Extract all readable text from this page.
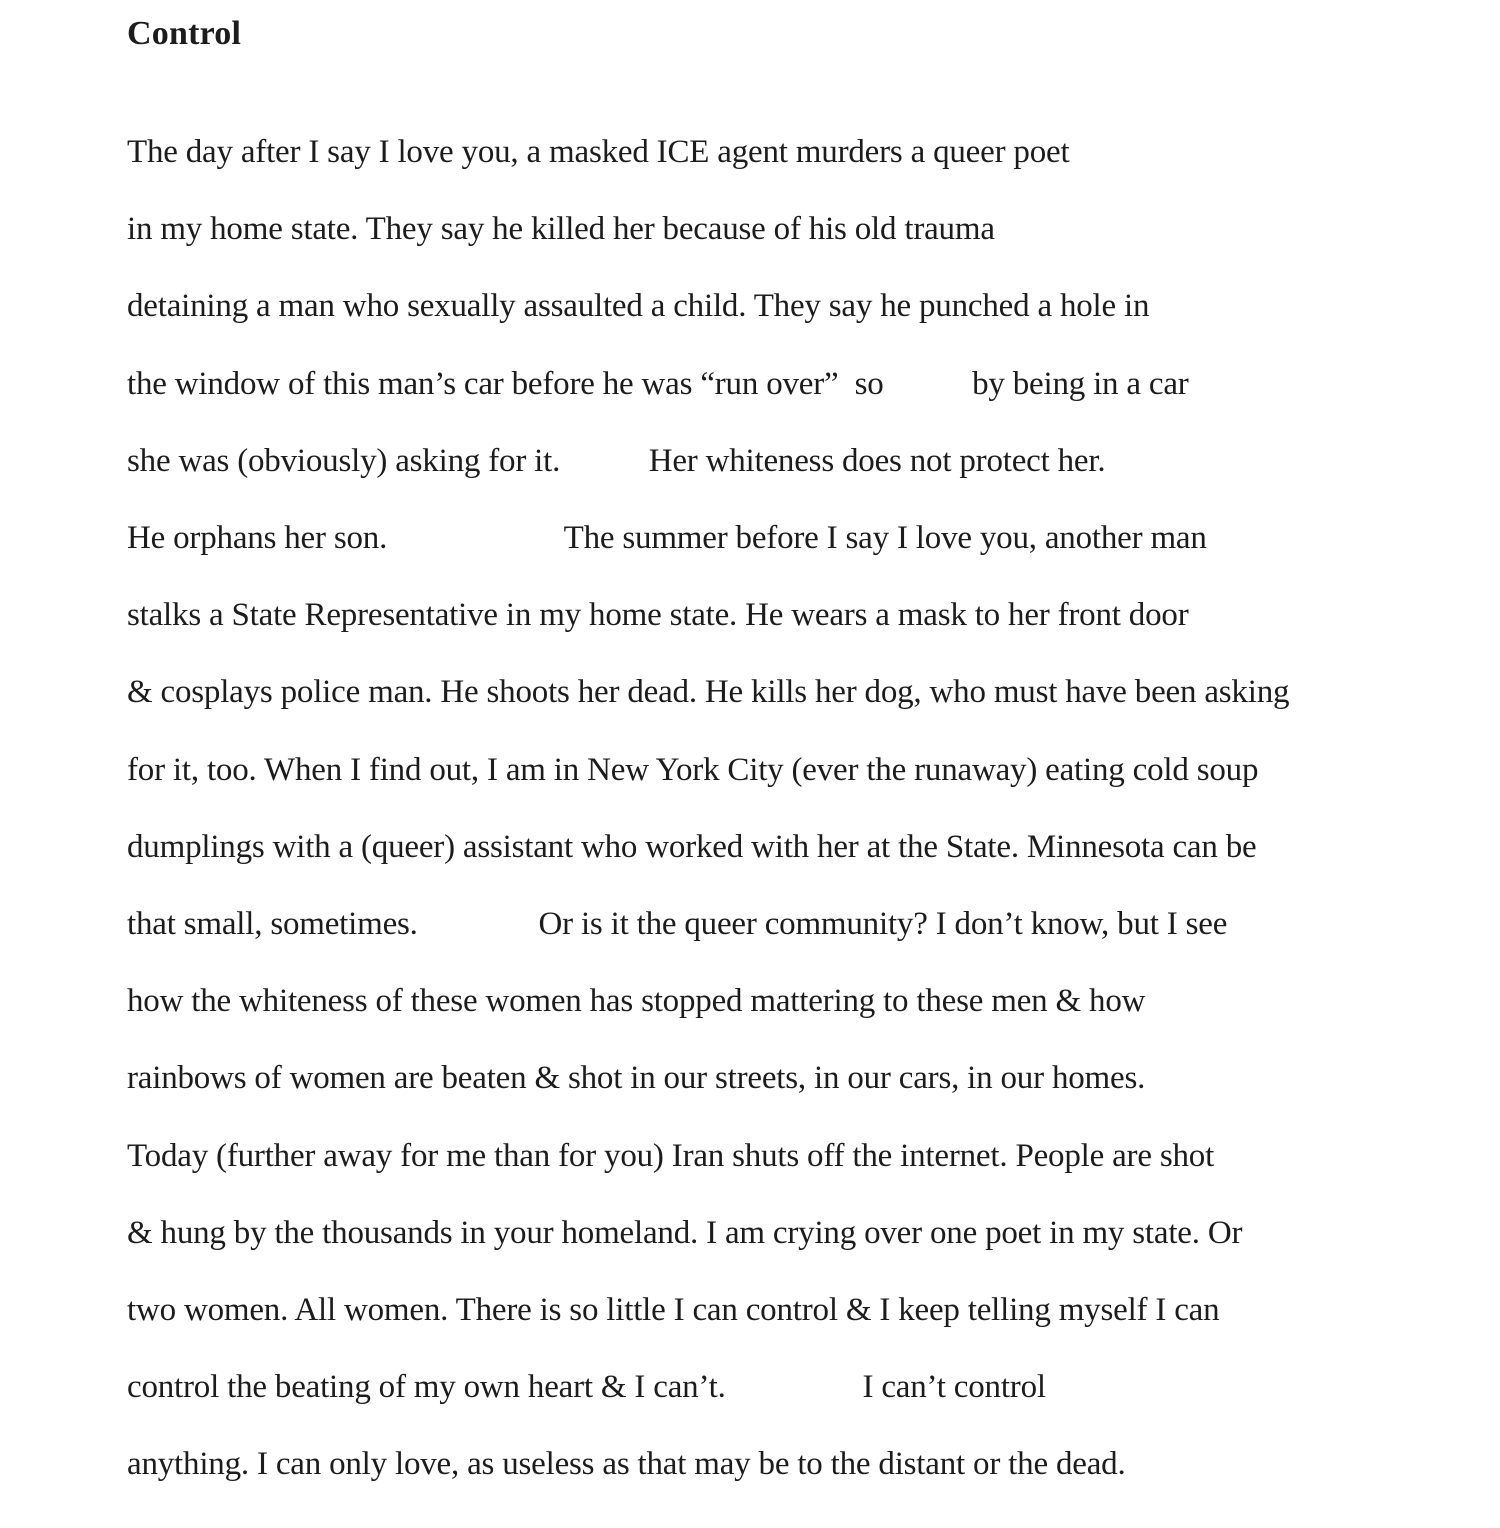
Control
The day after I say I love you, a masked ICE agent murders a queer poet
in my home state. They say he killed her because of his old trauma
detaining a man who sexually assaulted a child. They say he punched a hole in
the window of this man’s car before he was “run over”  so           by being in a car
she was (obviously) asking for it.           Her whiteness does not protect her.
He orphans her son.                      The summer before I say I love you, another man
stalks a State Representative in my home state. He wears a mask to her front door
& cosplays police man. He shoots her dead. He kills her dog, who must have been asking
for it, too. When I find out, I am in New York City (ever the runaway) eating cold soup
dumplings with a (queer) assistant who worked with her at the State. Minnesota can be
that small, sometimes.               Or is it the queer community? I don’t know, but I see
how the whiteness of these women has stopped mattering to these men & how
rainbows of women are beaten & shot in our streets, in our cars, in our homes.
Today (further away for me than for you) Iran shuts off the internet. People are shot
& hung by the thousands in your homeland. I am crying over one poet in my state. Or
two women. All women. There is so little I can control & I keep telling myself I can
control the beating of my own heart & I can’t.                 I can’t control
anything. I can only love, as useless as that may be to the distant or the dead.
